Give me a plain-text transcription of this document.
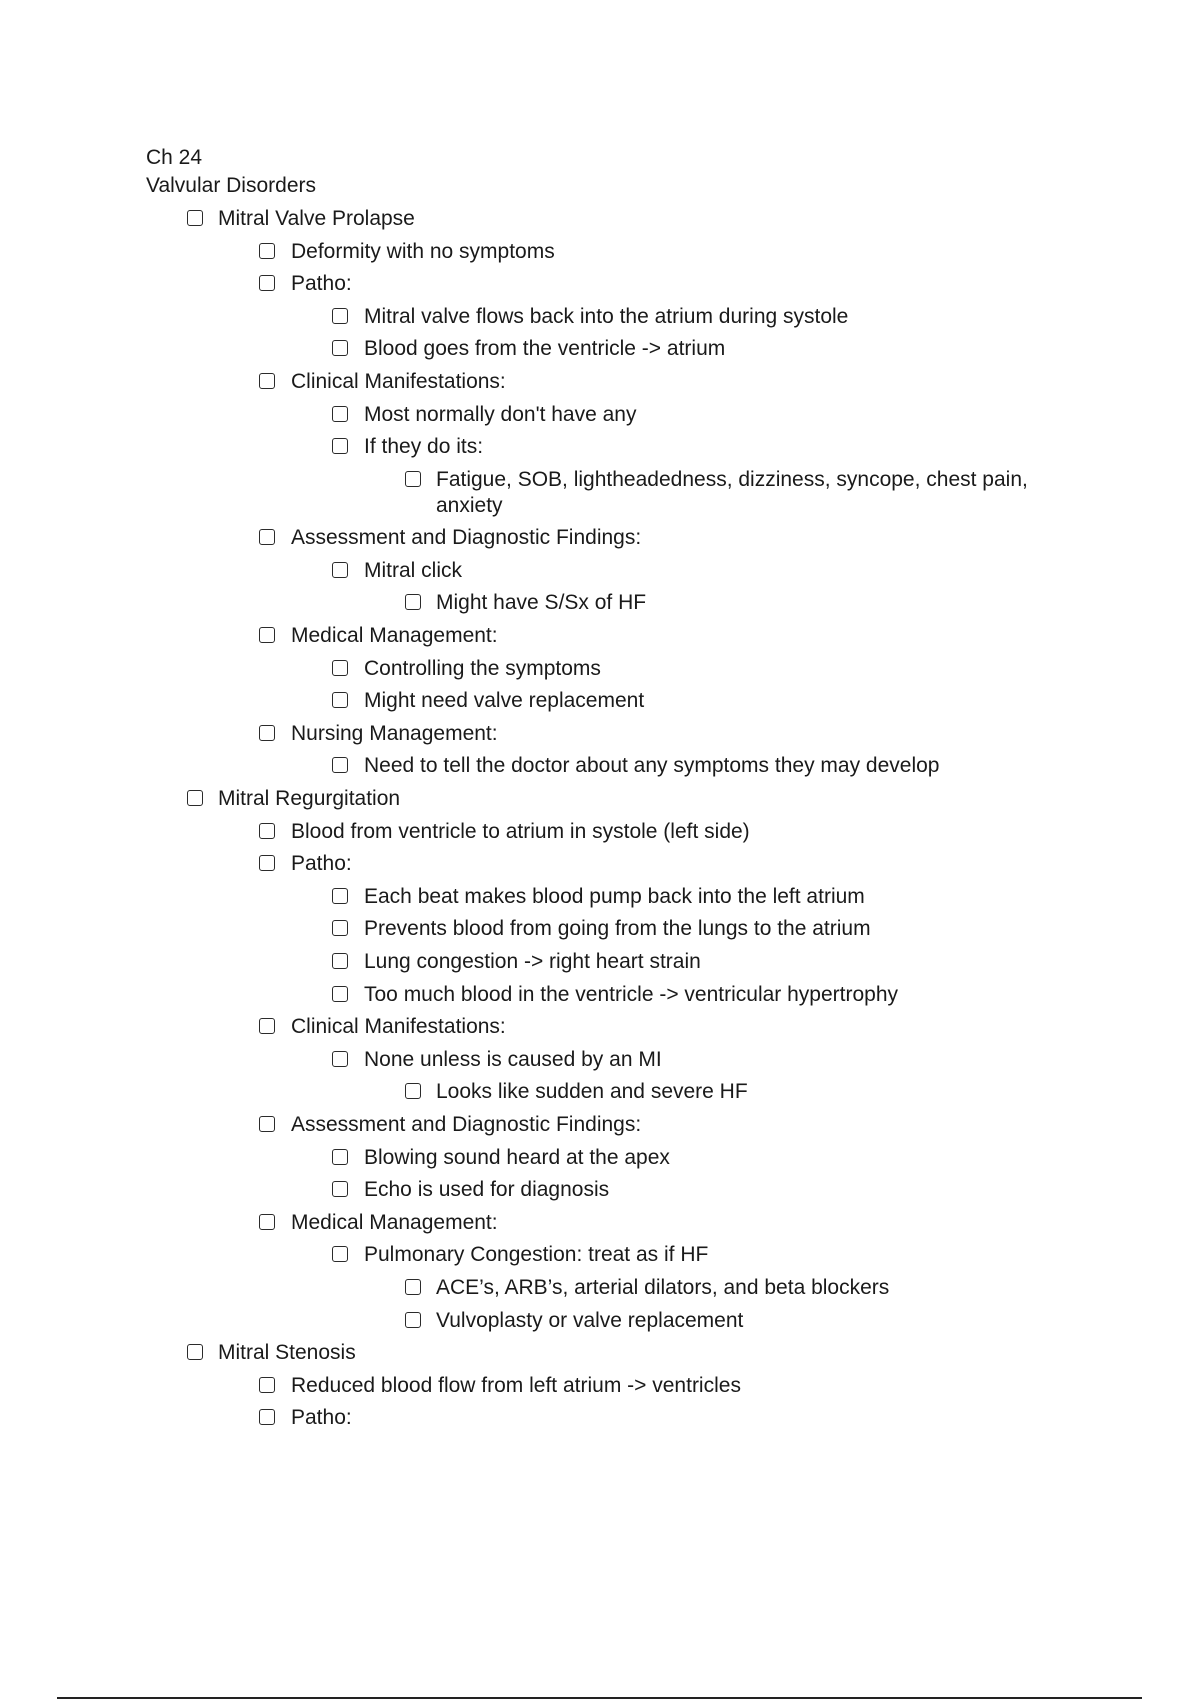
Ch 24
Valvular Disorders
Mitral Valve Prolapse
Deformity with no symptoms
Patho:
Mitral valve flows back into the atrium during systole
Blood goes from the ventricle -> atrium
Clinical Manifestations:
Most normally don't have any
If they do its:
Fatigue, SOB, lightheadedness, dizziness, syncope, chest pain, anxiety
Assessment and Diagnostic Findings:
Mitral click
Might have S/Sx of HF
Medical Management:
Controlling the symptoms
Might need valve replacement
Nursing Management:
Need to tell the doctor about any symptoms they may develop
Mitral Regurgitation
Blood from ventricle to atrium in systole (left side)
Patho:
Each beat makes blood pump back into the left atrium
Prevents blood from going from the lungs to the atrium
Lung congestion -> right heart strain
Too much blood in the ventricle -> ventricular hypertrophy
Clinical Manifestations:
None unless is caused by an MI
Looks like sudden and severe HF
Assessment and Diagnostic Findings:
Blowing sound heard at the apex
Echo is used for diagnosis
Medical Management:
Pulmonary Congestion: treat as if HF
ACE’s, ARB’s, arterial dilators, and beta blockers
Vulvoplasty or valve replacement
Mitral Stenosis
Reduced blood flow from left atrium -> ventricles
Patho:
